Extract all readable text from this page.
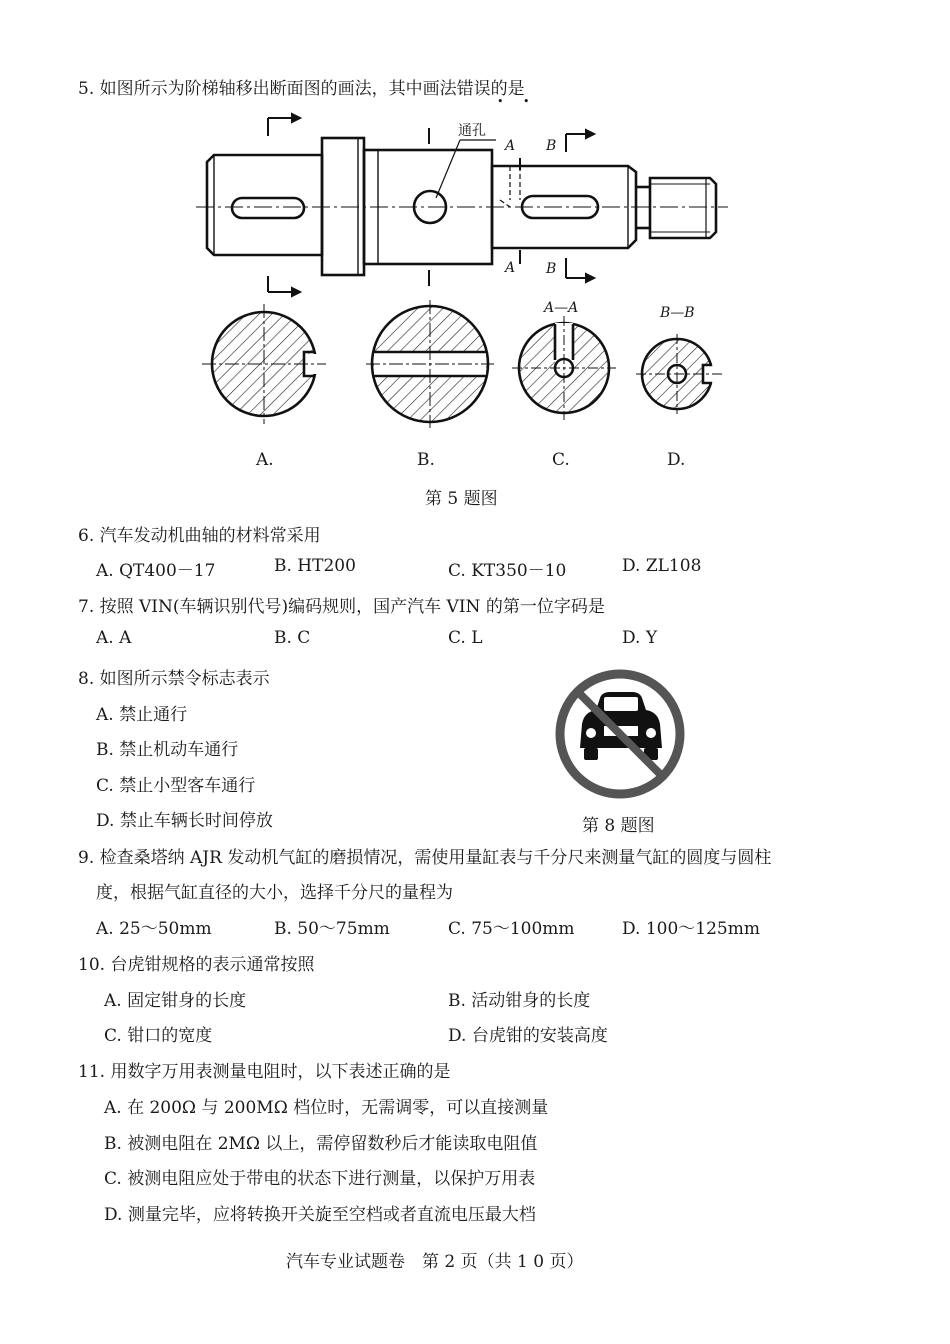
5. 如图所示为阶梯轴移出断面图的画法，其中画法错误的是
• •
通孔
A
A
B
B
A—A	B—B
A.	B.	C.	D.
第 5 题图
6. 汽车发动机曲轴的材料常采用
A. QT400－17	B. HT200	C. KT350－10	D. ZL108
7. 按照 VIN(车辆识别代号)编码规则，国产汽车 VIN 的第一位字码是
A. A	B. C	C. L	D. Y
8. 如图所示禁令标志表示
A. 禁止通行
B. 禁止机动车通行
C. 禁止小型客车通行
D. 禁止车辆长时间停放	第 8 题图
9. 检查桑塔纳 AJR 发动机气缸的磨损情况，需使用量缸表与千分尺来测量气缸的圆度与圆柱
度，根据气缸直径的大小，选择千分尺的量程为
A. 25～50mm	B. 50～75mm	C. 75～100mm	D. 100～125mm
10. 台虎钳规格的表示通常按照
A. 固定钳身的长度	B. 活动钳身的长度
C. 钳口的宽度	D. 台虎钳的安装高度
11. 用数字万用表测量电阻时，以下表述正确的是
A. 在 200Ω 与 200MΩ 档位时，无需调零，可以直接测量
B. 被测电阻在 2MΩ 以上，需停留数秒后才能读取电阻值
C. 被测电阻应处于带电的状态下进行测量，以保护万用表
D. 测量完毕，应将转换开关旋至空档或者直流电压最大档
汽车专业试题卷　第 2 页（共 1 0 页）
